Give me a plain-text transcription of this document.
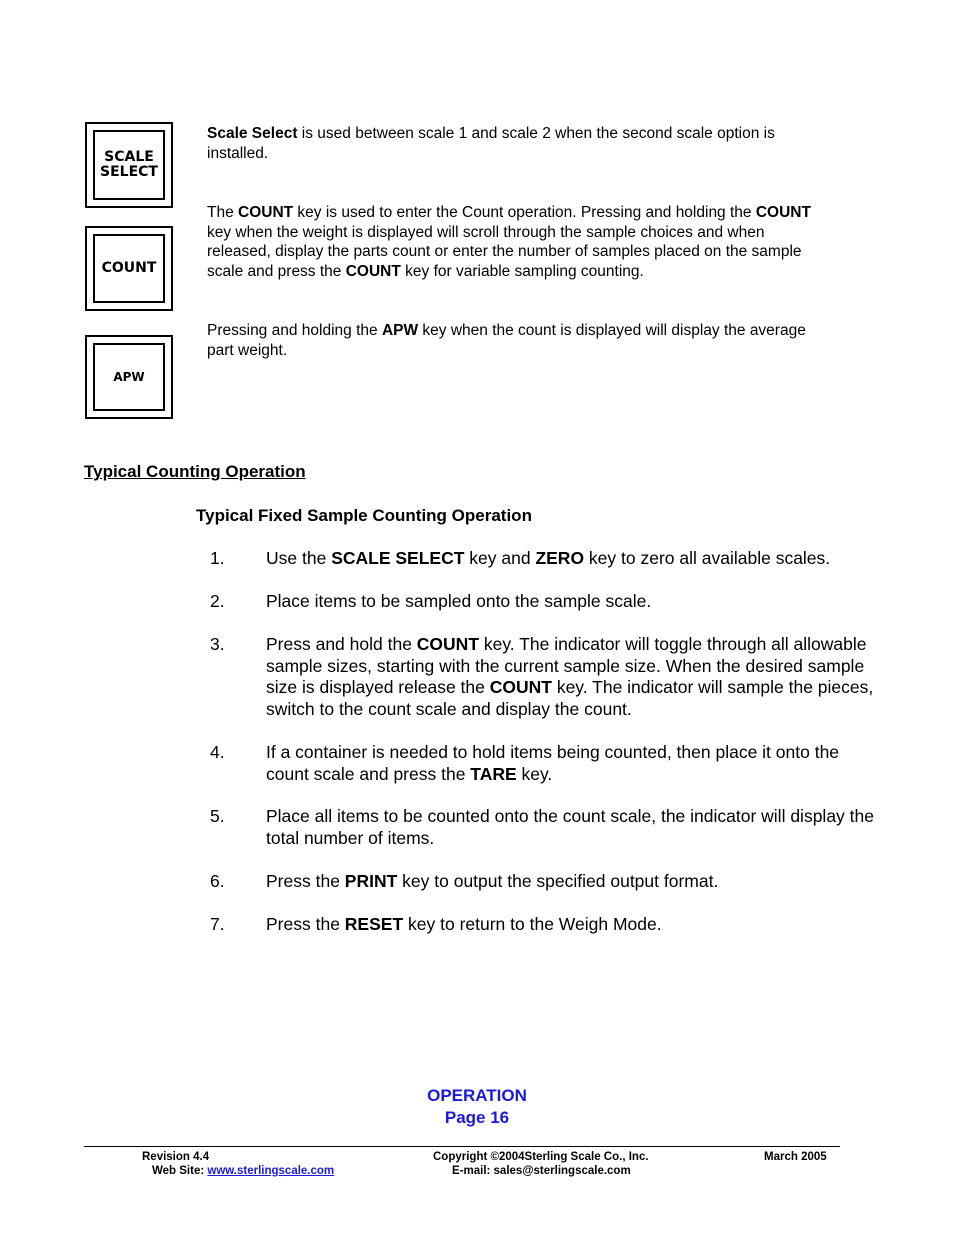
SCALE
SELECT
COUNT
APW
Scale Select is used between scale 1 and scale 2 when the second scale option is installed.
The COUNT key is used to enter the Count operation. Pressing and holding the COUNT key when the weight is displayed will scroll through the sample choices and when released, display the parts count or enter the number of samples placed on the sample scale and press the COUNT key for variable sampling counting.
Pressing and holding the APW key when the count is displayed will display the average part weight.
Typical Counting Operation
Typical Fixed Sample Counting Operation
1.	Use the SCALE SELECT key and ZERO key to zero all available scales.
2.	Place items to be sampled onto the sample scale.
3.	Press and hold the COUNT key. The indicator will toggle through all allowable sample sizes, starting with the current sample size. When the desired sample size is displayed release the COUNT key. The indicator will sample the pieces, switch to the count scale and display the count.
4.	If a container is needed to hold items being counted, then place it onto the count scale and press the TARE key.
5.	Place all items to be counted onto the count scale, the indicator will display the total number of items.
6.	Press the PRINT key to output the specified output format.
7.	Press the RESET key to return to the Weigh Mode.
OPERATION
Page 16
Revision 4.4
Web Site: www.sterlingscale.com
Copyright ©2004Sterling Scale Co., Inc.
E-mail: sales@sterlingscale.com
March 2005
